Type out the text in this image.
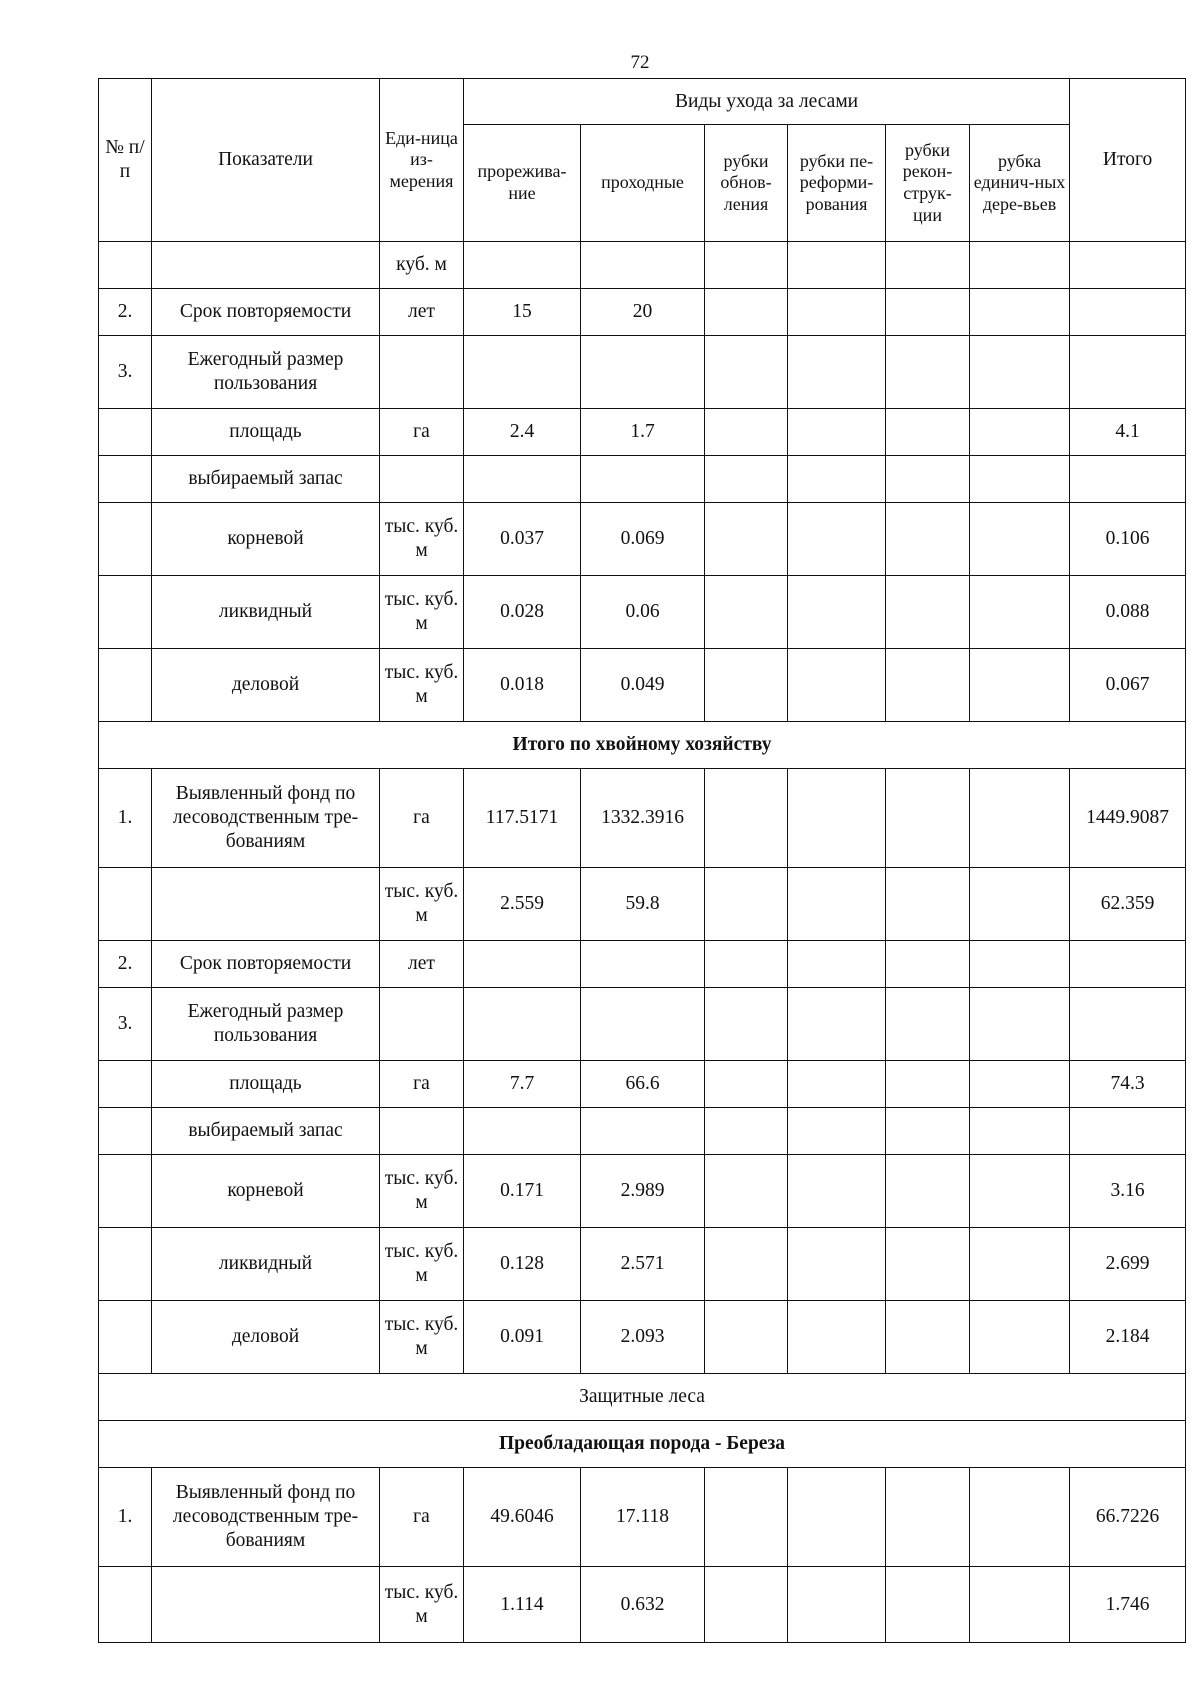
72
№ п/п	Показатели	Еди-ница из-мерения	Виды ухода за лесами						Итого
			прорежива-ние	проходные	рубки обнов-ления	рубки пе-реформи-рования	рубки рекон-струк-ции	рубка единич-ных дере-вьев	
		куб. м							
2.	Срок повторяемости	лет	15	20					
3.	Ежегодный размер пользования								
	площадь	га	2.4	1.7					4.1
	выбираемый запас								
	корневой	тыс. куб. м	0.037	0.069					0.106
	ликвидный	тыс. куб. м	0.028	0.06					0.088
	деловой	тыс. куб. м	0.018	0.049					0.067
Итого по хвойному хозяйству									
1.	Выявленный фонд по лесоводственным тре-бованиям	га	117.5171	1332.3916					1449.9087
		тыс. куб. м	2.559	59.8					62.359
2.	Срок повторяемости	лет							
3.	Ежегодный размер пользования								
	площадь	га	7.7	66.6					74.3
	выбираемый запас								
	корневой	тыс. куб. м	0.171	2.989					3.16
	ликвидный	тыс. куб. м	0.128	2.571					2.699
	деловой	тыс. куб. м	0.091	2.093					2.184
Защитные леса									
Преобладающая порода - Береза									
1.	Выявленный фонд по лесоводственным тре-бованиям	га	49.6046	17.118					66.7226
		тыс. куб. м	1.114	0.632					1.746
